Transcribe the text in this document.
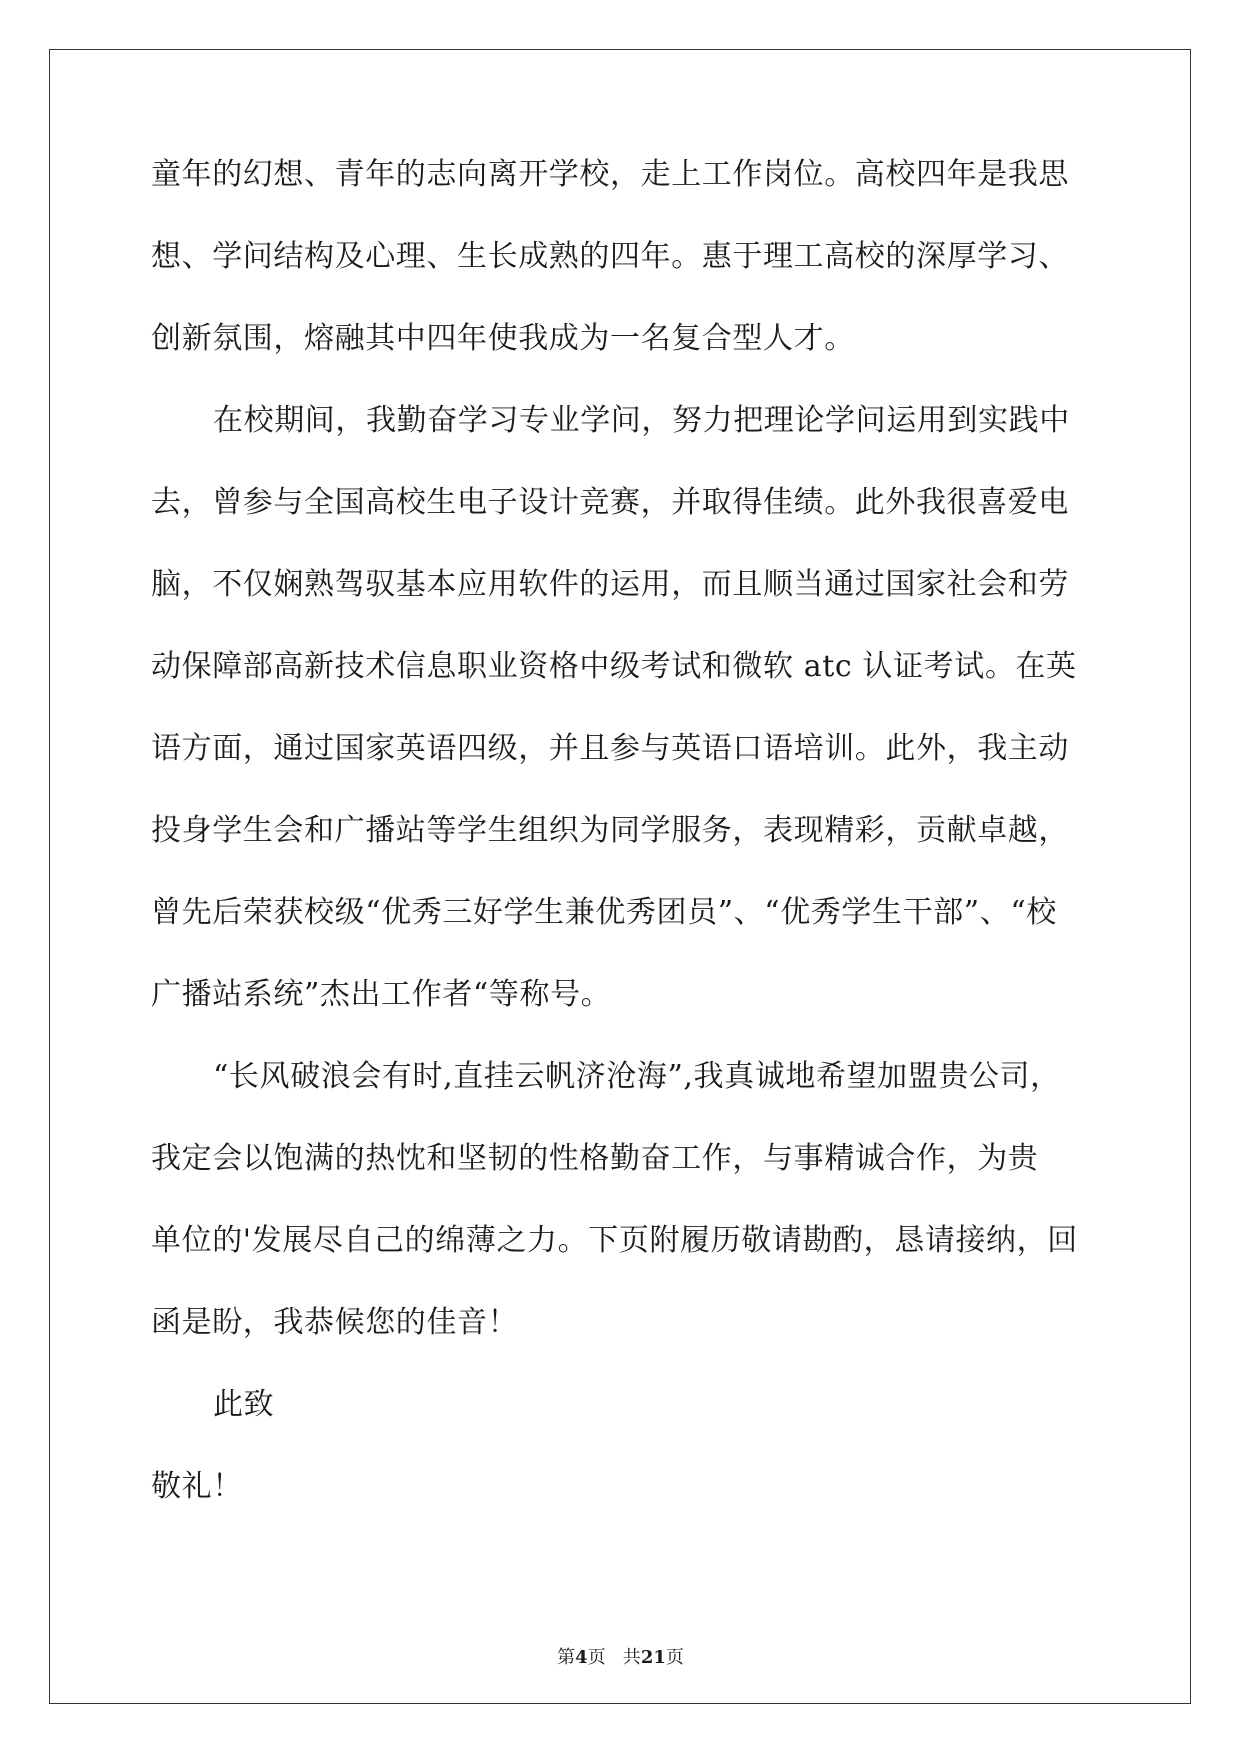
童年的幻想、青年的志向离开学校，走上工作岗位。高校四年是我思
想、学问结构及心理、生长成熟的四年。惠于理工高校的深厚学习、
创新氛围，熔融其中四年使我成为一名复合型人才。
在校期间，我勤奋学习专业学问，努力把理论学问运用到实践中
去，曾参与全国高校生电子设计竞赛，并取得佳绩。此外我很喜爱电
脑，不仅娴熟驾驭基本应用软件的运用，而且顺当通过国家社会和劳
动保障部高新技术信息职业资格中级考试和微软 atc 认证考试。在英
语方面，通过国家英语四级，并且参与英语口语培训。此外，我主动
投身学生会和广播站等学生组织为同学服务，表现精彩，贡献卓越，
曾先后荣获校级“优秀三好学生兼优秀团员”、“优秀学生干部”、“校
广播站系统”杰出工作者“等称号。
“长风破浪会有时,直挂云帆济沧海”,我真诚地希望加盟贵公司，
我定会以饱满的热忱和坚韧的性格勤奋工作，与事精诚合作，为贵
单位的'发展尽自己的绵薄之力。下页附履历敬请勘酌，恳请接纳，回
函是盼，我恭候您的佳音！
此致
敬礼！
第4页   共21页
